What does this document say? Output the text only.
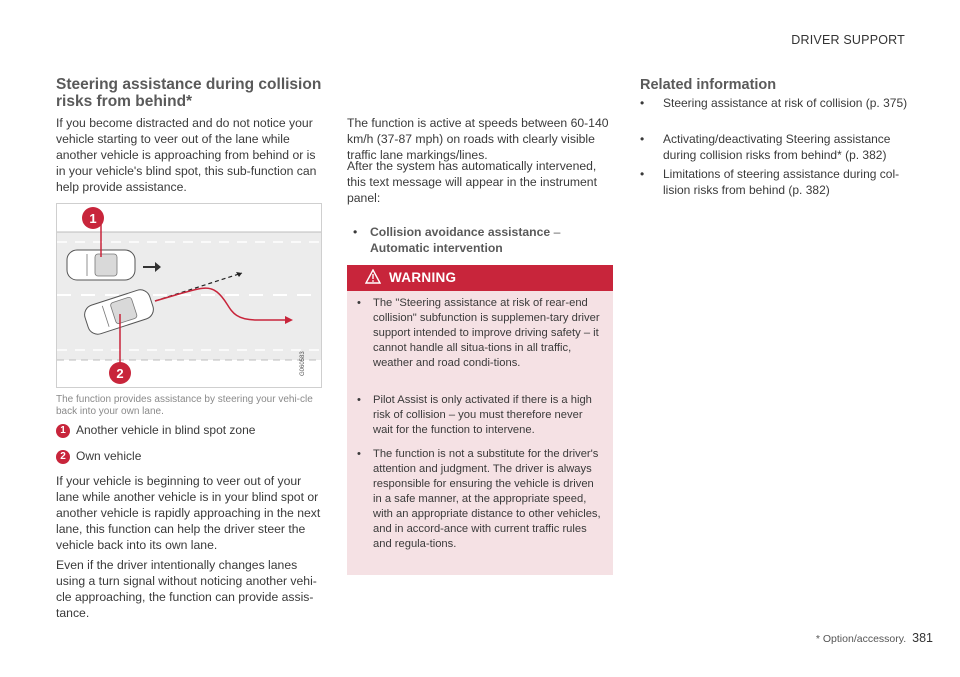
DRIVER SUPPORT
Steering assistance during collision risks from behind*

If you become distracted and do not notice your vehicle starting to veer out of the lane while another vehicle is approaching from behind or is in your vehicle's blind spot, this sub-function can help provide assistance.

1
2	G060583

The function provides assistance by steering your vehi-cle back into your own lane.

1 Another vehicle in blind spot zone
2 Own vehicle

If your vehicle is beginning to veer out of your lane while another vehicle is in your blind spot or another vehicle is rapidly approaching in the next lane, this function can help the driver steer the vehicle back into its own lane.

Even if the driver intentionally changes lanes using a turn signal without noticing another vehi-cle approaching, the function can provide assis-tance.

The function is active at speeds between 60-140 km/h (37-87 mph) on roads with clearly visible traffic lane markings/lines.

After the system has automatically intervened, this text message will appear in the instrument panel:

• Collision avoidance assistance –
Automatic intervention
WARNING
• The "Steering assistance at risk of rear-end collision" subfunction is supplemen-tary driver support intended to improve driving safety – it cannot handle all situa-tions in all traffic, weather and road condi-tions.
• Pilot Assist is only activated if there is a high risk of collision – you must therefore never wait for the function to intervene.
• The function is not a substitute for the driver's attention and judgment. The driver is always responsible for ensuring the vehicle is driven in a safe manner, at the appropriate speed, with an appropriate distance to other vehicles, and in accord-ance with current traffic rules and regula-tions.
Related information
• Steering assistance at risk of collision (p. 375)
• Activating/deactivating Steering assistance during collision risks from behind* (p. 382)
• Limitations of steering assistance during col-lision risks from behind (p. 382)
* Option/accessory. 381
